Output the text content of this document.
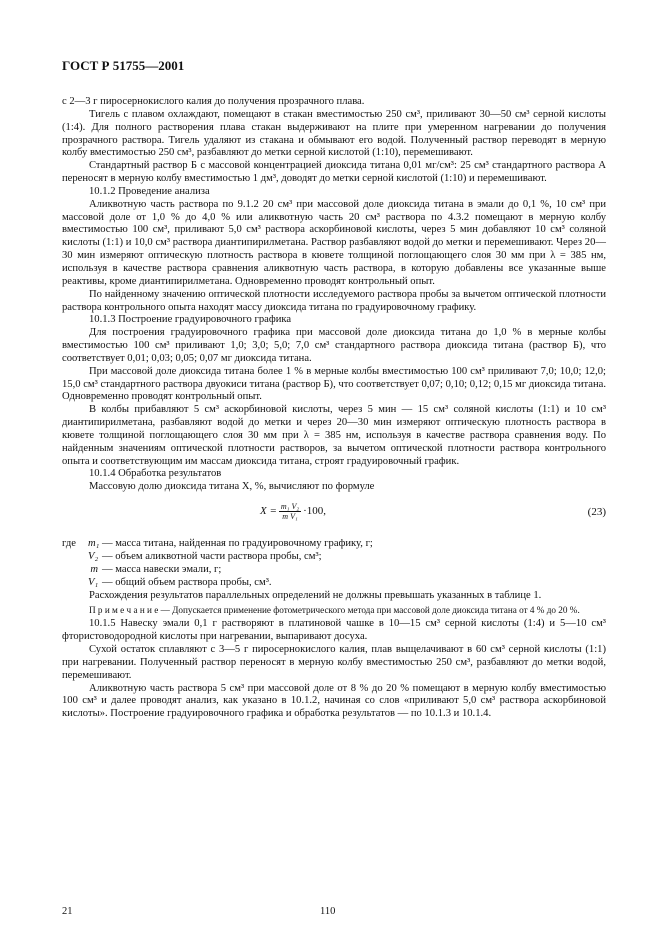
ГОСТ Р 51755—2001

с 2—3 г пиросернокислого калия до получения прозрачного плава.

Тигель с плавом охлаждают, помещают в стакан вместимостью 250 см³, приливают 30—50 см³ серной кислоты (1:4). Для полного растворения плава стакан выдерживают на плите при умеренном нагревании до получения прозрачного раствора. Тигель удаляют из стакана и обмывают его водой. Полученный раствор переводят в мерную колбу вместимостью 250 см³, разбавляют до метки серной кислотой (1:10), перемешивают.

Стандартный раствор Б с массовой концентрацией диоксида титана 0,01 мг/см³: 25 см³ стандартного раствора А переносят в мерную колбу вместимостью 1 дм³, доводят до метки серной кислотой (1:10) и перемешивают.

10.1.2 Проведение анализа

Аликвотную часть раствора по 9.1.2 20 см³ при массовой доле диоксида титана в эмали до 0,1 %, 10 см³ при массовой доле от 1,0 % до 4,0 % или аликвотную часть 20 см³ раствора по 4.3.2 помещают в мерную колбу вместимостью 100 см³, приливают 5,0 см³ раствора аскорбиновой кислоты, через 5 мин добавляют 10 см³ соляной кислоты (1:1) и 10,0 см³ раствора диантипирилметана. Раствор разбавляют водой до метки и перемешивают. Через 20—30 мин измеряют оптическую плотность раствора в кювете толщиной поглощающего слоя 30 мм при λ = 385 нм, используя в качестве раствора сравнения аликвотную часть раствора, в которую добавлены все указанные выше реактивы, кроме диантипирилметана. Одновременно проводят контрольный опыт.

По найденному значению оптической плотности исследуемого раствора пробы за вычетом оптической плотности раствора контрольного опыта находят массу диоксида титана по градуировочному графику.

10.1.3 Построение градуировочного графика

Для построения градуировочного графика при массовой доле диоксида титана до 1,0 % в мерные колбы вместимостью 100 см³ приливают 1,0; 3,0; 5,0; 7,0 см³ стандартного раствора диоксида титана (раствор Б), что соответствует 0,01; 0,03; 0,05; 0,07 мг диоксида титана.

При массовой доле диоксида титана более 1 % в мерные колбы вместимостью 100 см³ приливают 7,0; 10,0; 12,0; 15,0 см³ стандартного раствора двуокиси титана (раствор Б), что соответствует 0,07; 0,10; 0,12; 0,15 мг диоксида титана. Одновременно проводят контрольный опыт.

В колбы прибавляют 5 см³ аскорбиновой кислоты, через 5 мин — 15 см³ соляной кислоты (1:1) и 10 см³ диантипирилметана, разбавляют водой до метки и через 20—30 мин измеряют оптическую плотность раствора в кювете толщиной поглощающего слоя 30 мм при λ = 385 нм, используя в качестве раствора сравнения воду. По найденным значениям оптической плотности растворов, за вычетом оптической плотности раствора контрольного опыта и соответствующим им массам диоксида титана, строят градуировочный график.

10.1.4 Обработка результатов

Массовую долю диоксида титана X, %, вычисляют по формуле

$X = \frac{\text{m₁ V₂}}{\text{m V₁}} \cdot 100$,	(23)
где	m₁ — масса титана, найденная по градуировочному графику, г;
V₂ — объем аликвотной части раствора пробы, см³;
m — масса навески эмали, г;
V₁ — общий объем раствора пробы, см³.

Расхождения результатов параллельных определений не должны превышать указанных в таблице 1.

П р и м е ч а н и е — Допускается применение фотометрического метода при массовой доле диоксида титана от 4 % до 20 %.

10.1.5 Навеску эмали 0,1 г растворяют в платиновой чашке в 10—15 см³ серной кислоты (1:4) и 5—10 см³ фтористоводородной кислоты при нагревании, выпаривают досуха.

Сухой остаток сплавляют с 3—5 г пиросернокислого калия, плав выщелачивают в 60 см³ серной кислоты (1:1) при нагревании. Полученный раствор переносят в мерную колбу вместимостью 250 см³, разбавляют до метки водой, перемешивают.

Аликвотную часть раствора 5 см³ при массовой доле от 8 % до 20 % помещают в мерную колбу вместимостью 100 см³ и далее проводят анализ, как указано в 10.1.2, начиная со слов «приливают 5,0 см³ раствора аскорбиновой кислоты». Построение градуировочного графика и обработка результатов — по 10.1.3 и 10.1.4.

21	110
